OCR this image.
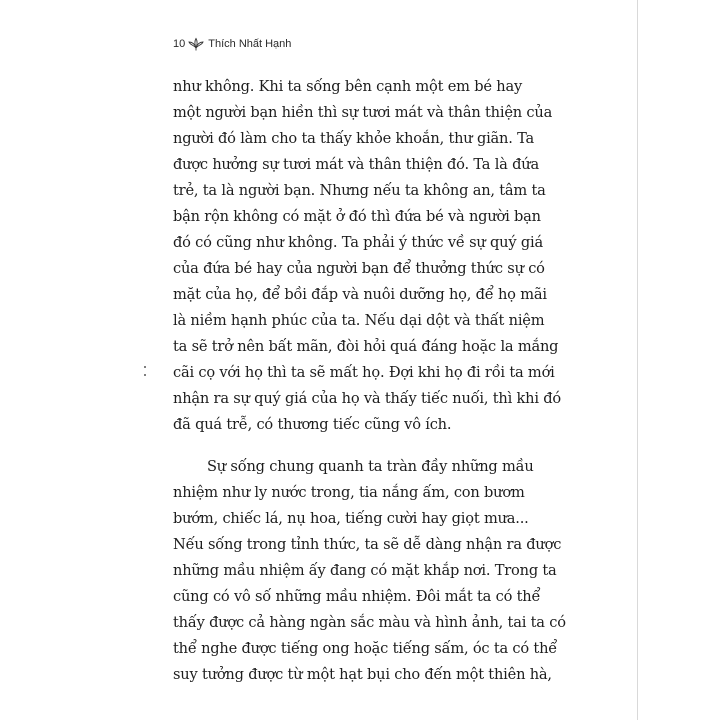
10 Thích Nhất Hạnh
như không. Khi ta sống bên cạnh một em bé hay
một người bạn hiền thì sự tươi mát và thân thiện của
người đó làm cho ta thấy khỏe khoắn, thư giãn. Ta
được hưởng sự tươi mát và thân thiện đó. Ta là đứa
trẻ, ta là người bạn. Nhưng nếu ta không an, tâm ta
bận rộn không có mặt ở đó thì đứa bé và người bạn
đó có cũng như không. Ta phải ý thức về sự quý giá
của đứa bé hay của người bạn để thưởng thức sự có
mặt của họ, để bồi đắp và nuôi dưỡng họ, để họ mãi
là niềm hạnh phúc của ta. Nếu dại dột và thất niệm
ta sẽ trở nên bất mãn, đòi hỏi quá đáng hoặc la mắng
cãi cọ với họ thì ta sẽ mất họ. Đợi khi họ đi rồi ta mới
nhận ra sự quý giá của họ và thấy tiếc nuối, thì khi đó
đã quá trễ, có thương tiếc cũng vô ích.
Sự sống chung quanh ta tràn đầy những mầu
nhiệm như ly nước trong, tia nắng ấm, con bươm
bướm, chiếc lá, nụ hoa, tiếng cười hay giọt mưa...
Nếu sống trong tỉnh thức, ta sẽ dễ dàng nhận ra được
những mầu nhiệm ấy đang có mặt khắp nơi. Trong ta
cũng có vô số những mầu nhiệm. Đôi mắt ta có thể
thấy được cả hàng ngàn sắc màu và hình ảnh, tai ta có
thể nghe được tiếng ong hoặc tiếng sấm, óc ta có thể
suy tưởng được từ một hạt bụi cho đến một thiên hà,
